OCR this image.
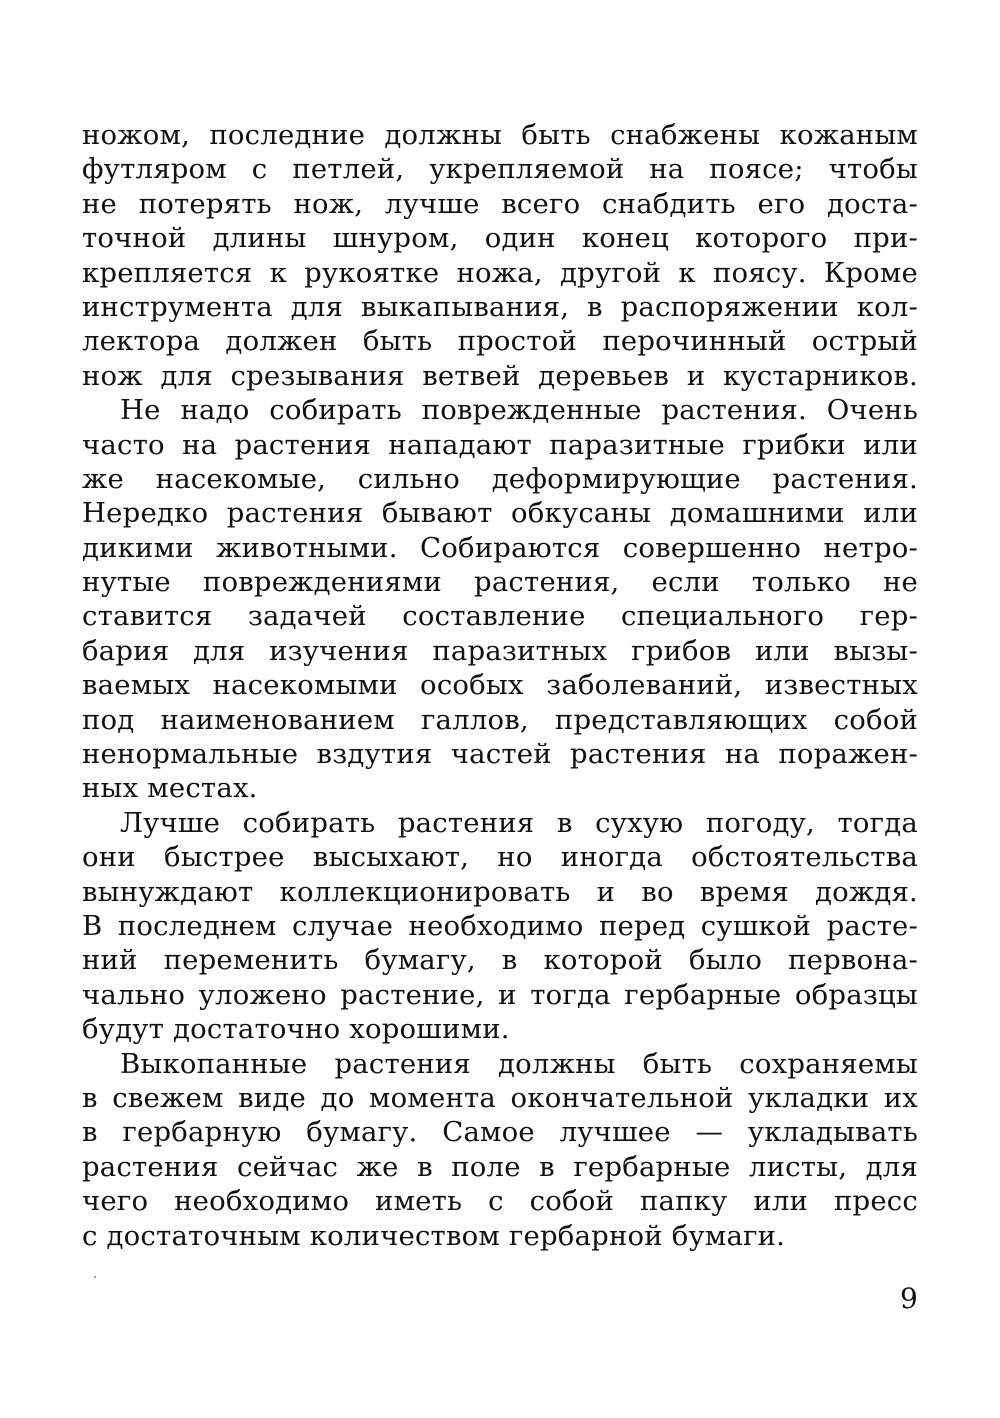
ножом, последние должны быть снабжены кожаным
футляром с петлей, укрепляемой на поясе; чтобы
не потерять нож, лучше всего снабдить его доста-
точной длины шнуром, один конец которого при-
крепляется к рукоятке ножа, другой к поясу. Кроме
инструмента для выкапывания, в распоряжении кол-
лектора должен быть простой перочинный острый
нож для срезывания ветвей деревьев и кустарников.
Не надо собирать поврежденные растения. Очень
часто на растения нападают паразитные грибки или
же насекомые, сильно деформирующие растения.
Нередко растения бывают обкусаны домашними или
дикими животными. Собираются совершенно нетро-
нутые повреждениями растения, если только не
ставится задачей составление специального гер-
бария для изучения паразитных грибов или вызы-
ваемых насекомыми особых заболеваний, известных
под наименованием галлов, представляющих собой
ненормальные вздутия частей растения на поражен-
ных местах.
Лучше собирать растения в сухую погоду, тогда
они быстрее высыхают, но иногда обстоятельства
вынуждают коллекционировать и во время дождя.
В последнем случае необходимо перед сушкой расте-
ний переменить бумагу, в которой было первона-
чально уложено растение, и тогда гербарные образцы
будут достаточно хорошими.
Выкопанные растения должны быть сохраняемы
в свежем виде до момента окончательной укладки их
в гербарную бумагу. Самое лучшее — укладывать
растения сейчас же в поле в гербарные листы, для
чего необходимо иметь с собой папку или пресс
с достаточным количеством гербарной бумаги.
9
